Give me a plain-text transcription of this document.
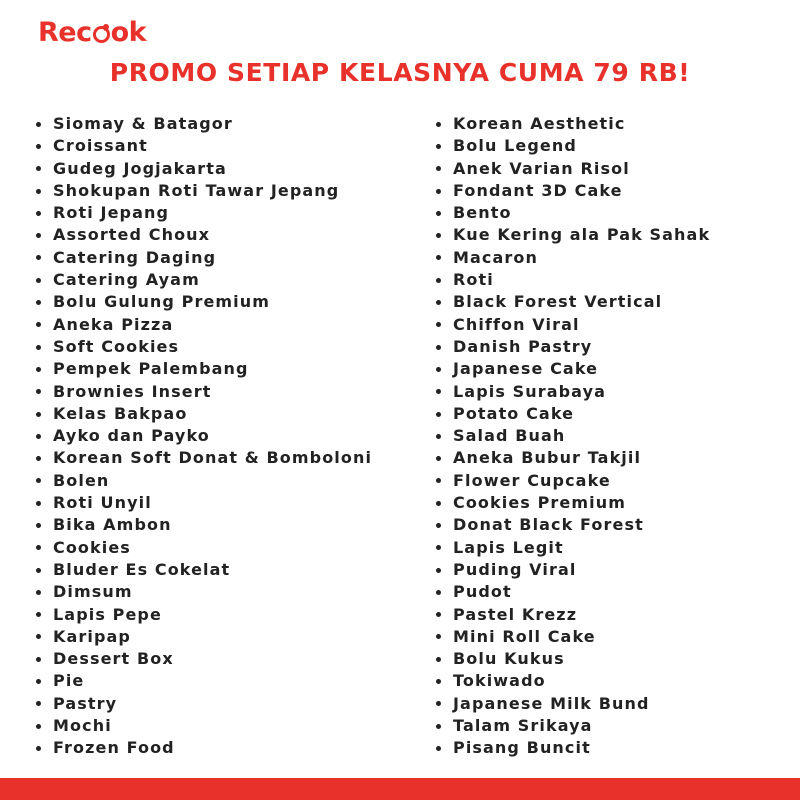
Rec ok
PROMO SETIAP KELASNYA CUMA 79 RB!
Siomay & Batagor
Croissant
Gudeg Jogjakarta
Shokupan Roti Tawar Jepang
Roti Jepang
Assorted Choux
Catering Daging
Catering Ayam
Bolu Gulung Premium
Aneka Pizza
Soft Cookies
Pempek Palembang
Brownies Insert
Kelas Bakpao
Ayko dan Payko
Korean Soft Donat & Bomboloni
Bolen
Roti Unyil
Bika Ambon
Cookies
Bluder Es Cokelat
Dimsum
Lapis Pepe
Karipap
Dessert Box
Pie
Pastry
Mochi
Frozen Food
Korean Aesthetic
Bolu Legend
Anek Varian Risol
Fondant 3D Cake
Bento
Kue Kering ala Pak Sahak
Macaron
Roti
Black Forest Vertical
Chiffon Viral
Danish Pastry
Japanese Cake
Lapis Surabaya
Potato Cake
Salad Buah
Aneka Bubur Takjil
Flower Cupcake
Cookies Premium
Donat Black Forest
Lapis Legit
Puding Viral
Pudot
Pastel Krezz
Mini Roll Cake
Bolu Kukus
Tokiwado
Japanese Milk Bund
Talam Srikaya
Pisang Buncit
